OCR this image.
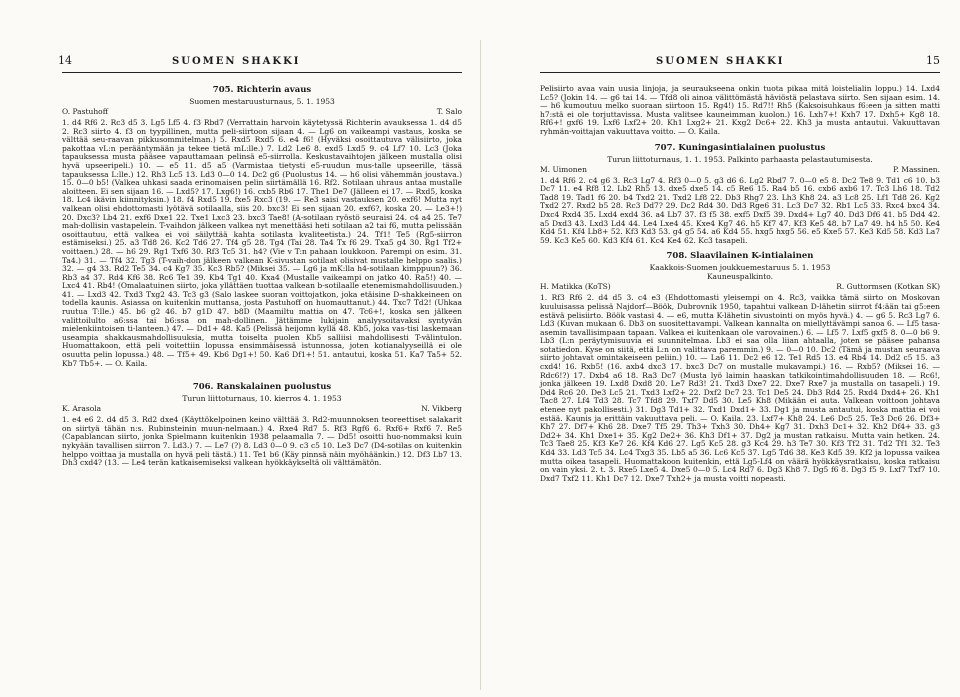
14	SUOMEN SHAKKI
705. Richterin avaus
Suomen mestaruusturnaus, 5. 1. 1953
O. Pastuhoff	T. Salo
1. d4 Rf6 2. Rc3 d5 3. Lg5 Lf5 4. f3 Rbd7 (Verrattain harvoin käytetyssä Richterin avauksessa 1. d4 d5 2. Rc3 siirto 4. f3 on tyypillinen, mutta peli-siirtoon sijaan 4. — Lg6 on vaikeampi vastaus, koska se välttää seu-raavan pikkusommitelman.) 5. Rxd5 Rxd5 6. e4 f6! (Hyväksi osoittautuva välisiirto, joka pakottaa vL:n perääntymään ja tekee tietä mL:lle.) 7. Ld2 Le6 8. exd5 Lxd5 9. c4 Lf7 10. Lc3 (Joka tapauksessa musta pääsee vapauttamaan pelinsä e5-siirrolla. Keskustavaihtojen jälkeen mustalla olisi hyvä upseeripeli.) 10. — e5 11. d5 a5 (Varmistaa tietysti e5-ruudun mus-talle upseerille, tässä tapauksessa L:lle.) 12. Rh3 Lc5 13. Ld3 0—0 14. Dc2 g6 (Puolustus 14. — h6 olisi vähemmän joustava.) 15. 0—0 b5! (Valkea uhkasi saada erinomaisen pelin siirtämällä 16. Rf2. Sotilaan uhraus antaa mustalle aloitteen. Ei sen sijaan 16. — Lxd5? 17. Lxg6!) 16. cxb5 Rb6 17. The1 De7 (Jälleen ei 17. — Rxd5, koska 18. Lc4 ikävin kiinnityksin.) 18. f4 Rxd5 19. fxe5 Rxc3 (19. — Re3 saisi vastauksen 20. exf6! Mutta nyt valkean olisi ehdottomasti lyötävä sotilaalla, siis 20. bxc3! Ei sen sijaan 20. exf6?, koska 20. — Le3+!) 20. Dxc3? Lb4 21. exf6 Dxe1 22. Txe1 Lxc3 23. bxc3 Tae8! (A-sotilaan ryöstö seuraisi 24. c4 a4 25. Te7 mah-dollisin vastapelein. T-vaihdon jälkeen valkea nyt menettääsi heti sotilaan a2 tai f6, mutta pelissään osoittautuu, että valkea ei voi säilyttää kahta sotilasta kvaliteetista.) 24. Tf1! Te5 (Rg5-siirron estämiseksi.) 25. a3 Td8 26. Kc2 Td6 27. Tf4 g5 28. Tg4 (Tai 28. Ta4 Tx f6 29. Txa5 g4 30. Rg1 Tf2+ voittaen.) 28. — h6 29. Rg1 Txf6 30. Rf3 Tc5 31. h4? (Vie v T:n pahaan loukkoon. Parempi on esim. 31. Ta4.) 31. — Tf4 32. Tg3 (T-vaih-don jälkeen valkean K-sivustan sotilaat olisivat mustalle helppo saalis.) 32. — g4 33. Rd2 Te5 34. c4 Kg7 35. Kc3 Rb5? (Miksei 35. — Lg6 ja mK:lla h4-sotilaan kimppuun?) 36. Rb3 a4 37. Rd4 Kf6 38. Rc6 Te1 39. Kb4 Tg1 40. Kxa4 (Mustalle vaikeampi on jatko 40. Ra5!) 40. — Lxc4 41. Rb4! (Omalaatuinen siirto, joka yllättäen tuottaa valkean b-sotilaalle etenemismahdollisuuden.) 41. — Lxd3 42. Txd3 Txg2 43. Tc3 g3 (Salo laskee suoran voittojatkon, joka etäisine D-shakkeineen on todella kaunis. Asiassa on kuitenkin muttansa, josta Pastuhoff on huomauttanut.) 44. Txc7 Td2! (Uhkaa ruutua T:lle.) 45. b6 g2 46. b7 g1D 47. b8D (Maamiltu mattia on 47. Tc6+!, koska sen jälkeen valittoilulto a6:ssa tai b6:ssa on mah-dollinen. Jättämme lukijain analyysoitavaksi syntyvän mielenkiintoisen ti-lanteen.) 47. — Dd1+ 48. Ka5 (Pelissä heijomn kyllä 48. Kb5, joka vas-tisi laskemaan useampia shakkausmahdollisuuksia, mutta toiselta puolen Kb5 salliisi mahdollisesti T-välintulon. Huomattakoon, että peli voitettiin lopussa ensimmäisessä istunnossa, joten kotianalyyseillä ei ole osuutta pelin lopussa.) 48. — Tf5+ 49. Kb6 Dg1+! 50. Ka6 Df1+! 51. antautui, koska 51. Ka7 Ta5+ 52. Kb7 Tb5+. — O. Kaila.
706. Ranskalainen puolustus
Turun liittoturnaus, 10. kierros 4. 1. 1953
K. Arasola	N. Vikberg
1. e4 e6 2. d4 d5 3. Rd2 dxe4 (Käyttökelpoinen keino välttää 3. Rd2-muunnoksen teoreettiset salakarit on siirtyä tähän n:s. Rubinsteinin muun-nelmaan.) 4. Rxe4 Rd7 5. Rf3 Rgf6 6. Rxf6+ Rxf6 7. Re5 (Capablancan siirto, jonka Spielmann kuitenkin 1938 pelaamalla 7. — Dd5! osoitti huo-nommaksi kuin nykyään tavallisen siirron 7. Ld3.) 7. — Le7 (?) 8. Ld3 0—0 9. c3 c5 10. Le3 Dc7 (D4-sotilas on kuitenkin helppo voittaa ja mustalla on hyvä peli tästä.) 11. Te1 b6 (Käy pinnsä näin myöhäänkin.) 12. Df3 Lb7 13. Dh3 cxd4? (13. — Le4 terän katkaisemiseksi valkean hyökkäykseltä oli välttämätön.
SUOMEN SHAKKI	15
Pelisiirto avaa vain uusia linjoja, ja seuraukseena onkin tuota pikaa mitä loistelialin loppu.) 14. Lxd4 Lc5? (Jokin 14. — g6 tai 14. — Tfd8 oli ainoa välittömästä häviöstä pelastava siirto. Sen sijaan esim. 14. — h6 kumoutuu melko suoraan siirtoon 15. Rg4!) 15. Rd7!! Rh5 (Kaksoisuhkaus f6:een ja sitten matti h7:stä ei ole torjuttavissa. Musta valitsee kauneimman kuolon.) 16. Lxh7+! Kxh7 17. Dxh5+ Kg8 18. Rf6+! gxf6 19. Lxf6 Lxf2+ 20. Kh1 Lxg2+ 21. Kxg2 Dc6+ 22. Kh3 ja musta antautui. Vakuuttavan ryhmän-voittajan vakuuttava voitto. — O. Kaila.
707. Kuningasintialainen puolustus
Turun liittoturnaus, 1. 1. 1953. Palkinto parhaasta pelastautumisesta.
M. Uimonen	P. Massinen.
1. d4 Rf6 2. c4 g6 3. Rc3 Lg7 4. Rf3 0—0 5. g3 d6 6. Lg2 Rbd7 7. 0—0 e5 8. Dc2 Te8 9. Td1 c6 10. b3 Dc7 11. e4 Rf8 12. Lb2 Rh5 13. dxe5 dxe5 14. c5 Re6 15. Ra4 b5 16. cxb6 axb6 17. Tc3 Lh6 18. Td2 Tad8 19. Tad1 f6 20. b4 Txd2 21. Txd2 Lf8 22. Db3 Rhg7 23. Lh3 Kh8 24. a3 Lc8 25. Lf1 Td8 26. Kg2 Txd2 27. Rxd2 b5 28. Rc3 Dd7? 29. Dc2 Rd4 30. Dd3 Rge6 31. Lc3 Dc7 32. Rb1 Lc5 33. Rxc4 bxc4 34. Dxc4 Rxd4 35. Lxd4 exd4 36. a4 Lb7 37. f3 f5 38. exf5 Dxf5 39. Dxd4+ Lg7 40. Dd3 Df6 41. b5 Dd4 42. a5 Dxd3 43. Lxd3 Ld4 44. Le4 Lxe4 45. Kxe4 Kg7 46. h5 Kf7 47. Kf3 Ke5 48. b7 La7 49. h4 h5 50. Ke4 Kd4 51. Kf4 Lb8+ 52. Kf3 Kd3 53. g4 g5 54. a6 Kd4 55. hxg5 hxg5 56. e5 Kxe5 57. Ke3 Kd5 58. Kd3 La7 59. Kc3 Ke5 60. Kd3 Kf4 61. Kc4 Ke4 62. Kc3 tasapeli.
708. Slaavilainen K-intialainen
Kaakkois-Suomen joukkuemestaruus 5. 1. 1953
Kauneuspalkinto.
H. Matikka (KoTS)	R. Guttormsen (Kotkan SK)
1. Rf3 Rf6 2. d4 d5 3. c4 e3 (Ehdottomasti yleisempi on 4. Rc3, vaikka tämä siirto on Moskovan kuuluisassa pelissä Najdorf—Böök, Dubrovnik 1950, tapahtui valkean D-lähetin siirrot f4:ään tai g5:een estävä pelisiirto. Böök vastasi 4. — e6, mutta K-lähetin sivustointi on myös hyvä.) 4. — g6 5. Rc3 Lg7 6. Ld3 (Kuvan mukaan 6. Db3 on suositettavampi. Valkean kannalta on miellyttävämpi sanoa 6. — Lf5 tasa-asemin tavallisimpaan tapaan. Valkea ei kuitenkaan ole varovainen.) 6. — Lf5 7. Lxf5 gxf5 8. 0—0 b6 9. Lb3 (L:n peräytymisuuvia ei suunnitelmaa. Lb3 ei saa olla liian ahtaalla, joten se pääsee pahansa sotatiedon. Kyse on siitä, että L:n on valittava paremmin.) 9. — 0—0 10. Dc2 (Tämä ja mustan seuraava siirto johtavat omintakeiseen peliin.) 10. — La6 11. Dc2 e6 12. Te1 Rd5 13. e4 Rb4 14. Dd2 c5 15. a3 cxd4! 16. Rxb5! (16. axb4 dxc3 17. bxc3 Dc7 on mustalle mukavampi.) 16. — Rxb5? (Miksei 16. — Rdc6!?) 17. Dxb4 a6 18. Ra3 Dc7 (Musta lyö laimin haaskan tatkikointimahdollisuuden 18. — Rc6!, jonka jälkeen 19. Lxd8 Dxd8 20. Le7 Rd3! 21. Txd3 Dxe7 22. Dxe7 Rxe7 ja mustalla on tasapeli.) 19. Dd4 Rc6 20. De3 Lc5 21. Txd3 Lxf2+ 22. Dxf2 Dc7 23. Tc1 De5 24. Db3 Rd4 25. Rxd4 Dxd4+ 26. Kh1 Tac8 27. Lf4 Td3 28. Tc7 Tfd8 29. Txf7 Dd5 30. Le5 Kh8 (Mikään ei auta. Valkean voittoon johtava etenee nyt pakollisesti.) 31. Dg3 Td1+ 32. Txd1 Dxd1+ 33. Dg1 ja musta antautui, koska mattia ei voi estää. Kaunis ja erittäin vakuuttava peli. — O. Kaila. 23. Lxf7+ Kh8 24. Le6 Dc5 25. Te3 Dc6 26. Df3+ Kh7 27. Df7+ Kh6 28. Dxe7 Tf5 29. Th3+ Txh3 30. Dh4+ Kg7 31. Dxh3 Dc1+ 32. Kh2 Df4+ 33. g3 Dd2+ 34. Kh1 Dxe1+ 35. Kg2 De2+ 36. Kh3 Df1+ 37. Dg2 ja mustan ratkaisu. Mutta vain hetken. 24. Tc3 Tae8 25. Kf3 Ke7 26. Kf4 Kd6 27. Lg5 Kc5 28. g3 Kc4 29. h3 Te7 30. Kf3 Tf2 31. Td2 Tf1 32. Te3 Kd4 33. Ld3 Tc5 34. Lc4 Txg3 35. Lb5 a5 36. Lc6 Kc5 37. Lg5 Td6 38. Ke3 Kd5 39. Kf2 ja lopussa vaikea mutta oikea tasapeli. Huomattakoon kuitenkin, että Lg5-Lf4 on väärä hyökkäysratkaisu, koska ratkaisu on vain yksi. 2. t. 3. Rxe5 Lxe5 4. Dxe5 0—0 5. Lc4 Rd7 6. Dg3 Kh8 7. Dg5 f6 8. Dg3 f5 9. Lxf7 Txf7 10. Dxd7 Txf2 11. Kh1 Dc7 12. Dxe7 Txh2+ ja musta voitti nopeasti.
